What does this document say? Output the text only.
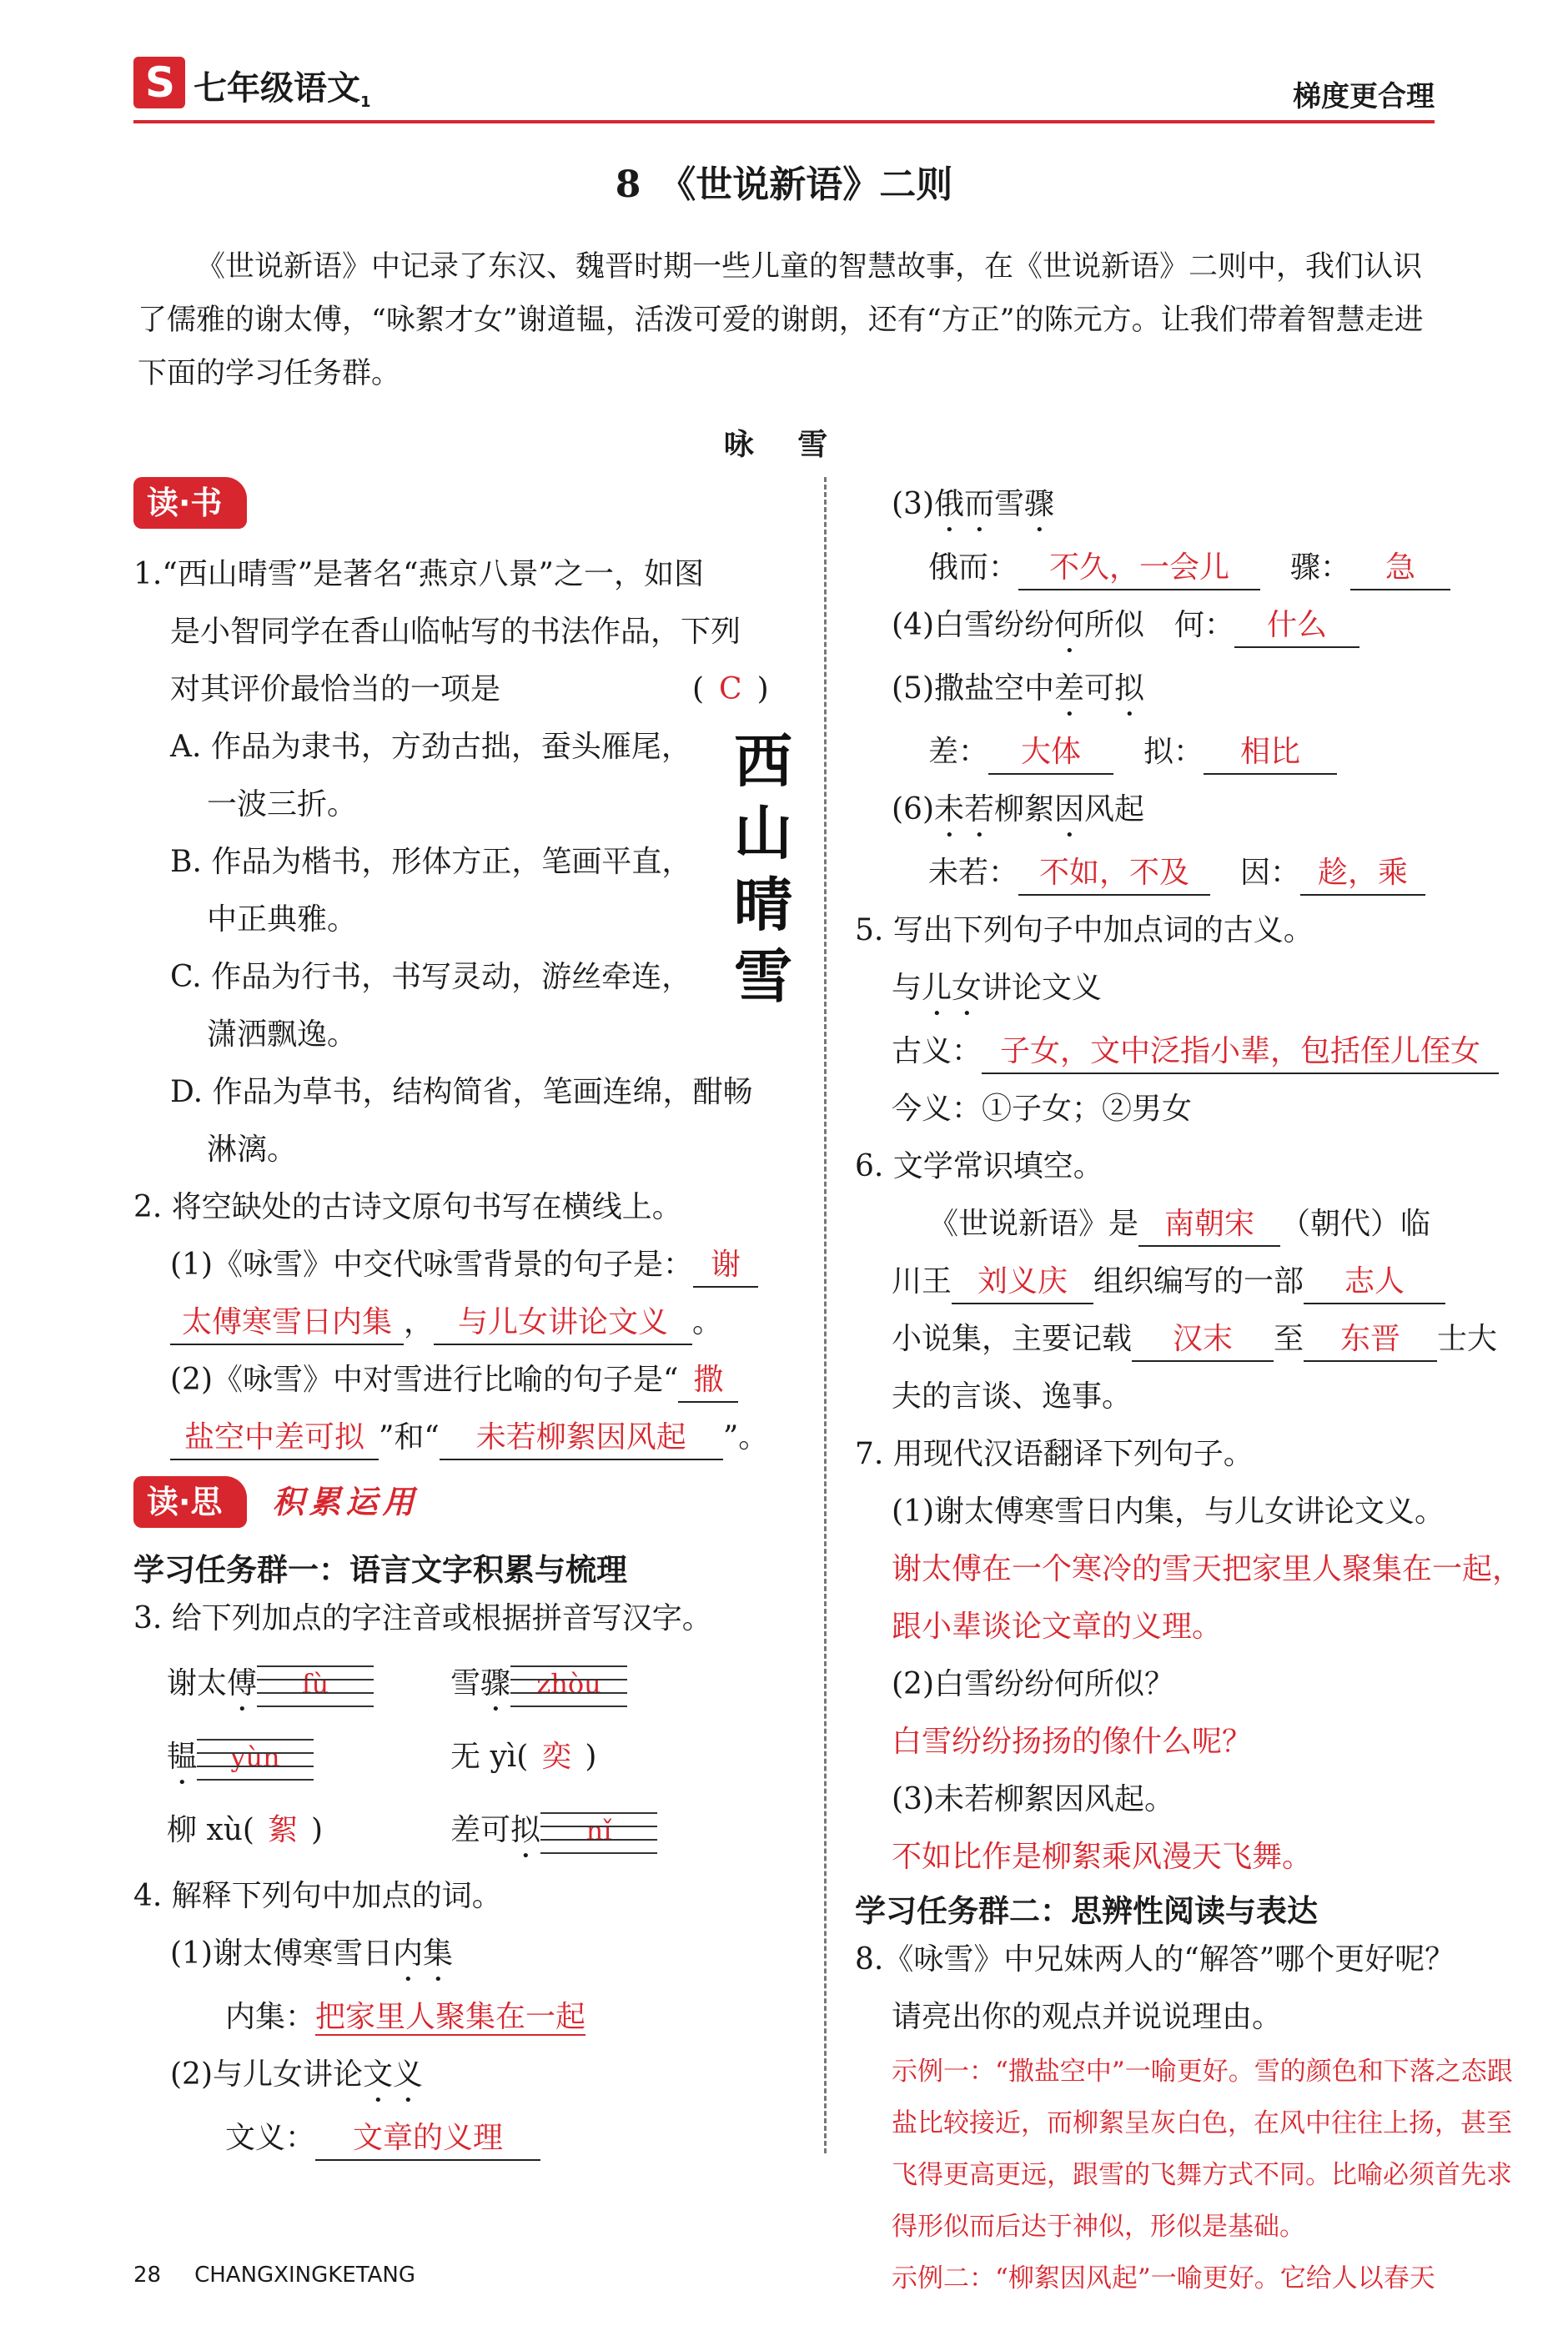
S
七年级语文$_1$	梯度更合理
8　《世说新语》二则
《世说新语》中记录了东汉、魏晋时期一些儿童的智慧故事，在《世说新语》二则中，我们认识了儒雅的谢太傅，“咏絮才女”谢道韫，活泼可爱的谢朗，还有“方正”的陈元方。让我们带着智慧走进下面的学习任务群。
咏 雪
读·书
1.“西山晴雪”是著名“燕京八景”之一，如图
是小智同学在香山临帖写的书法作品，下列
对其评价最恰当的一项是	( C )
A. 作品为隶书，方劲古拙，蚕头雁尾，
一波三折。
B. 作品为楷书，形体方正，笔画平直，
中正典雅。
C. 作品为行书，书写灵动，游丝牵连，
潇洒飘逸。
D. 作品为草书，结构简省，笔画连绵，酣畅
淋漓。
2. 将空缺处的古诗文原句书写在横线上。
(1)《咏雪》中交代咏雪背景的句子是： 谢
太傅寒雪日内集 ， 与儿女讲论文义 。
(2)《咏雪》中对雪进行比喻的句子是“ 撒
盐空中差可拟 ”和“ 未若柳絮因风起 ”。
读·思 积累运用
学习任务群一：语言文字积累与梳理
3. 给下列加点的字注音或根据拼音写汉字。
谢太傅 fù	雪骤 zhòu
韫 yùn	无 yì( 奕 )
柳 xù( 絮 )	差可拟 nǐ
4. 解释下列句中加点的词。
(1)谢太傅寒雪日内集
内集：把家里人聚集在一起
(2)与儿女讲论文义
文义： 文章的义理
西
山
晴
雪
(3)俄而雪骤
俄而： 不久，一会儿　 骤： 急
(4)白雪纷纷何所似　何： 什么
(5)撒盐空中差可拟
差： 大体　 拟： 相比
(6)未若柳絮因风起
未若： 不如，不及　 因： 趁，乘
5. 写出下列句子中加点词的古义。
与儿女讲论文义
古义： 子女，文中泛指小辈，包括侄儿侄女
今义：①子女；②男女
6. 文学常识填空。
《世说新语》是 南朝宋 （朝代）临
川王 刘义庆 组织编写的一部 志人
小说集，主要记载 汉末 至 东晋 士大
夫的言谈、逸事。
7. 用现代汉语翻译下列句子。
(1)谢太傅寒雪日内集，与儿女讲论文义。
谢太傅在一个寒冷的雪天把家里人聚集在一起，跟小辈谈论文章的义理。
(2)白雪纷纷何所似？
白雪纷纷扬扬的像什么呢？
(3)未若柳絮因风起。
不如比作是柳絮乘风漫天飞舞。
学习任务群二：思辨性阅读与表达
8.《咏雪》中兄妹两人的“解答”哪个更好呢？
请亮出你的观点并说说理由。
示例一：“撒盐空中”一喻更好。雪的颜色和下落之态跟盐比较接近，而柳絮呈灰白色，在风中往往上扬，甚至飞得更高更远，跟雪的飞舞方式不同。比喻必须首先求得形似而后达于神似，形似是基础。
示例二：“柳絮因风起”一喻更好。它给人以春天
28 CHANGXINGKETANG
